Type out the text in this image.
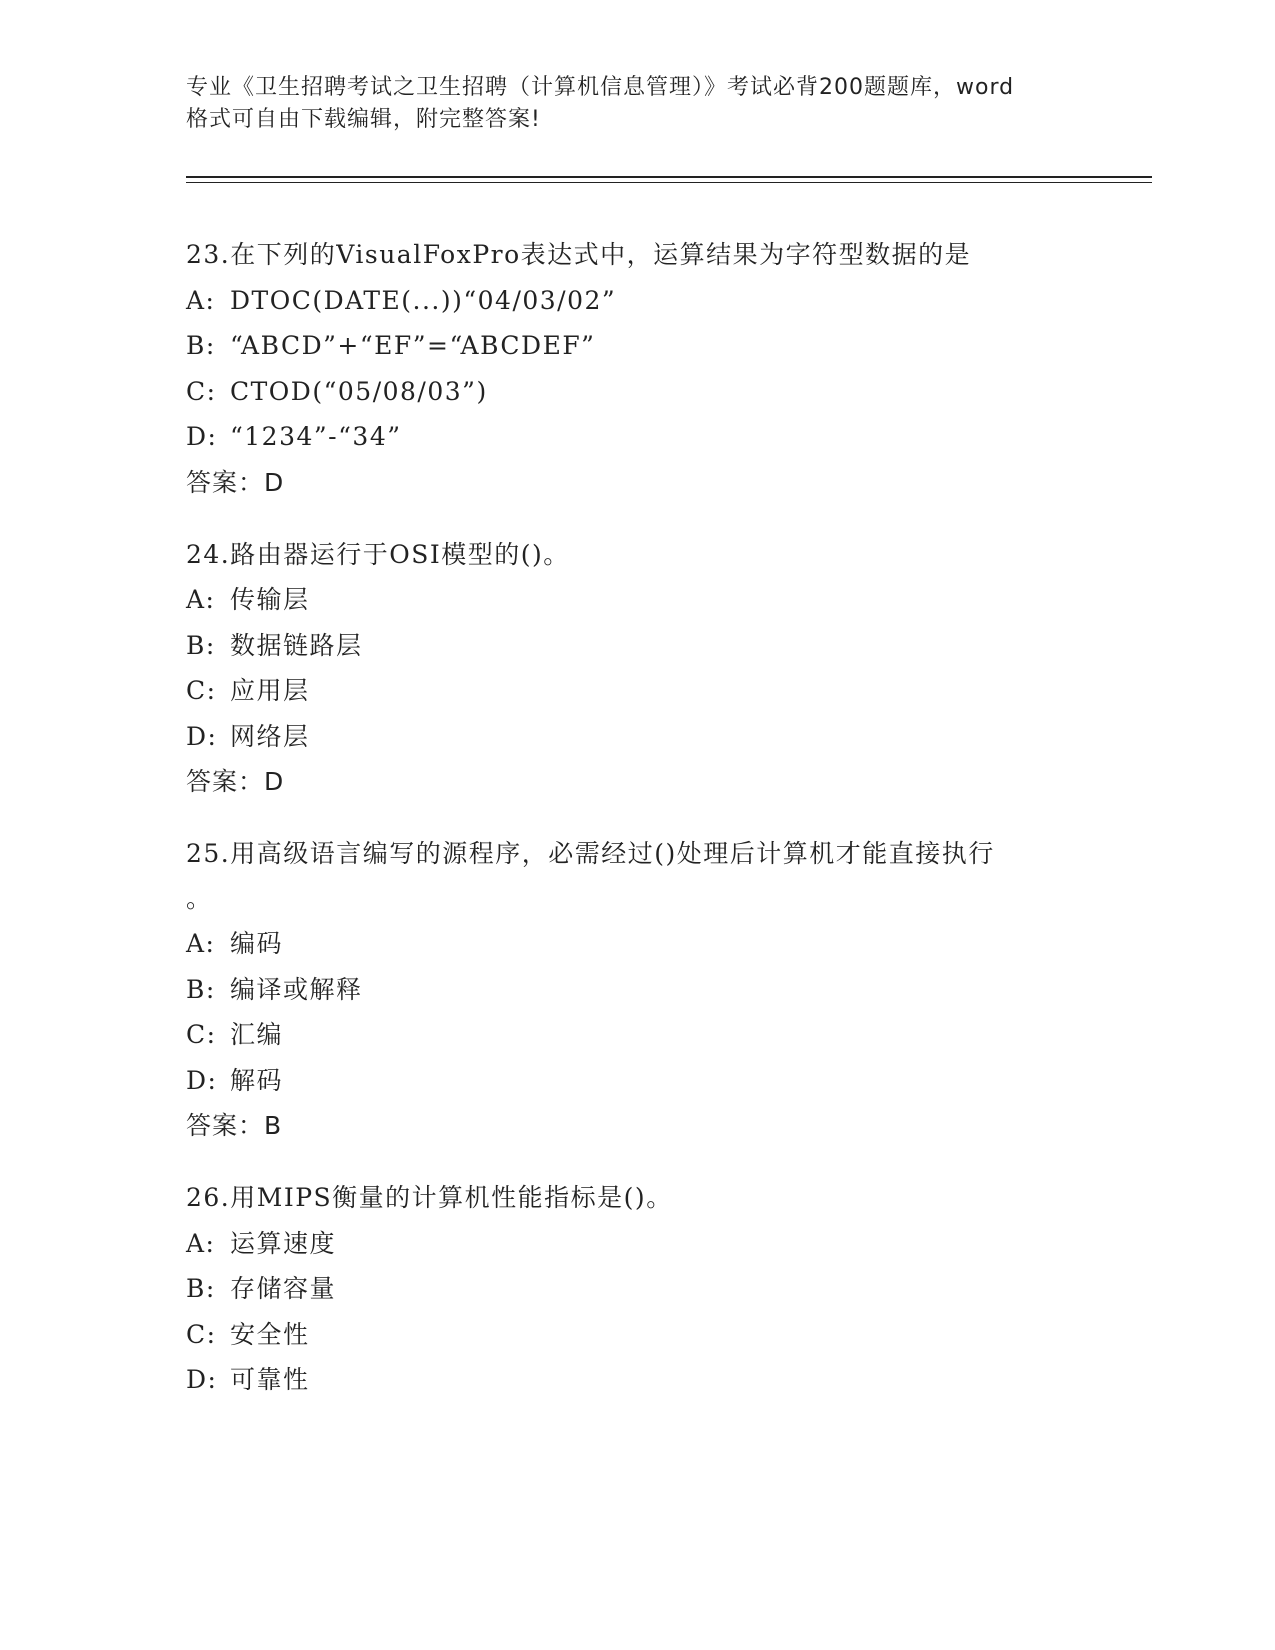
专业《卫生招聘考试之卫生招聘（计算机信息管理）》考试必背200题题库，word
格式可自由下载编辑，附完整答案!
23.在下列的VisualFoxPro表达式中，运算结果为字符型数据的是
A: DTOC(DATE(...))“04/03/02”
B: “ABCD”+“EF”=“ABCDEF”
C: CTOD(“05/08/03”)
D: “1234”-“34”
答案：D
24.路由器运行于OSI模型的()。
A: 传输层
B: 数据链路层
C: 应用层
D: 网络层
答案：D
25.用高级语言编写的源程序，必需经过()处理后计算机才能直接执行
。
A: 编码
B: 编译或解释
C: 汇编
D: 解码
答案：B
26.用MIPS衡量的计算机性能指标是()。
A: 运算速度
B: 存储容量
C: 安全性
D: 可靠性
